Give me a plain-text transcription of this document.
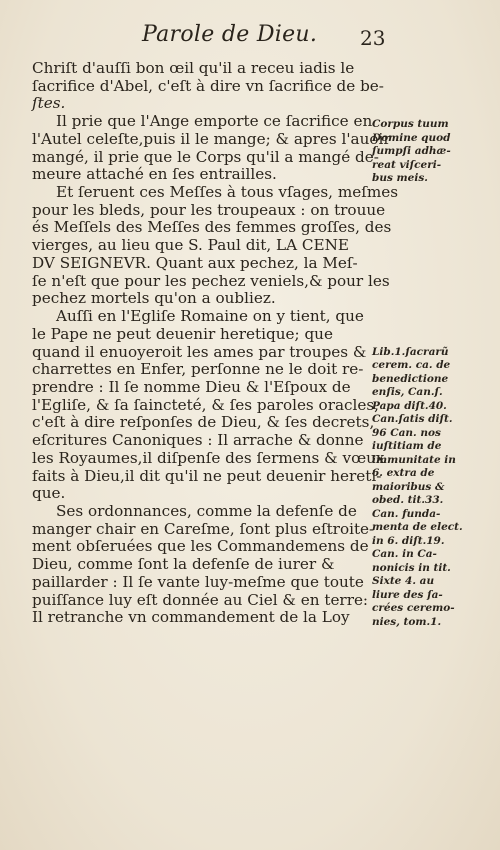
Parole de Dieu. 23
Chriſt d'auſſi bon œil qu'il a receu iadis le
ſacrifice d'Abel, c'eſt à dire vn ſacrifice de be-
ſtes.
Il prie que l'Ange emporte ce ſacrifice en
l'Autel celeſte,puis il le mange; & apres l'auoir
mangé, il prie que le Corps qu'il a mangé de-
meure attaché en ſes entrailles.
Et ſeruent ces Meſſes à tous vſages, meſmes
pour les bleds, pour les troupeaux : on trouue
és Meſſels des Meſſes des femmes groſſes, des
vierges, au lieu que S. Paul dit, LA CENE
DV SEIGNEVR. Quant aux pechez, la Meſ-
ſe n'eſt que pour les pechez veniels,& pour les
pechez mortels qu'on a oubliez.
Auſſi en l'Egliſe Romaine on y tient, que
le Pape ne peut deuenir heretique; que
quand il enuoyeroit les ames par troupes &
charrettes en Enfer, perſonne ne le doit re-
prendre : Il ſe nomme Dieu & l'Eſpoux de
l'Egliſe, & ſa ſaincteté, & ſes paroles oracles,
c'eſt à dire reſponſes de Dieu, & ſes decrets,
eſcritures Canoniques : Il arrache & donne
les Royaumes,il diſpenſe des ſermens & vœux
faits à Dieu,il dit qu'il ne peut deuenir hereti-
que.
Ses ordonnances, comme la defenſe de
manger chair en Careſme, ſont plus eſtroite-
ment obſeruées que les Commandemens de
Dieu, comme ſont la defenſe de iurer &
paillarder : Il ſe vante luy-meſme que toute
puiſſance luy eſt donnée au Ciel & en terre:
Il retranche vn commandement de la Loy
Corpus tuum
Domine quod
ſumpſi adhæ-
reat viſceri-
bus meis.
Lib.1.ſacrarũ
cerem. ca. de
benedictione
enſis, Can.ſ.
Papa diſt.40.
Can.ſatis diſt.
96 Can. nos
iuſtitiam de
immunitate in
6. extra de
maioribus &
obed. tit.33.
Can. funda-
menta de elect.
in 6. diſt.19.
Can. in Ca-
nonicis in tit.
Sixte 4. au
liure des ſa-
crées ceremo-
nies, tom.1.
